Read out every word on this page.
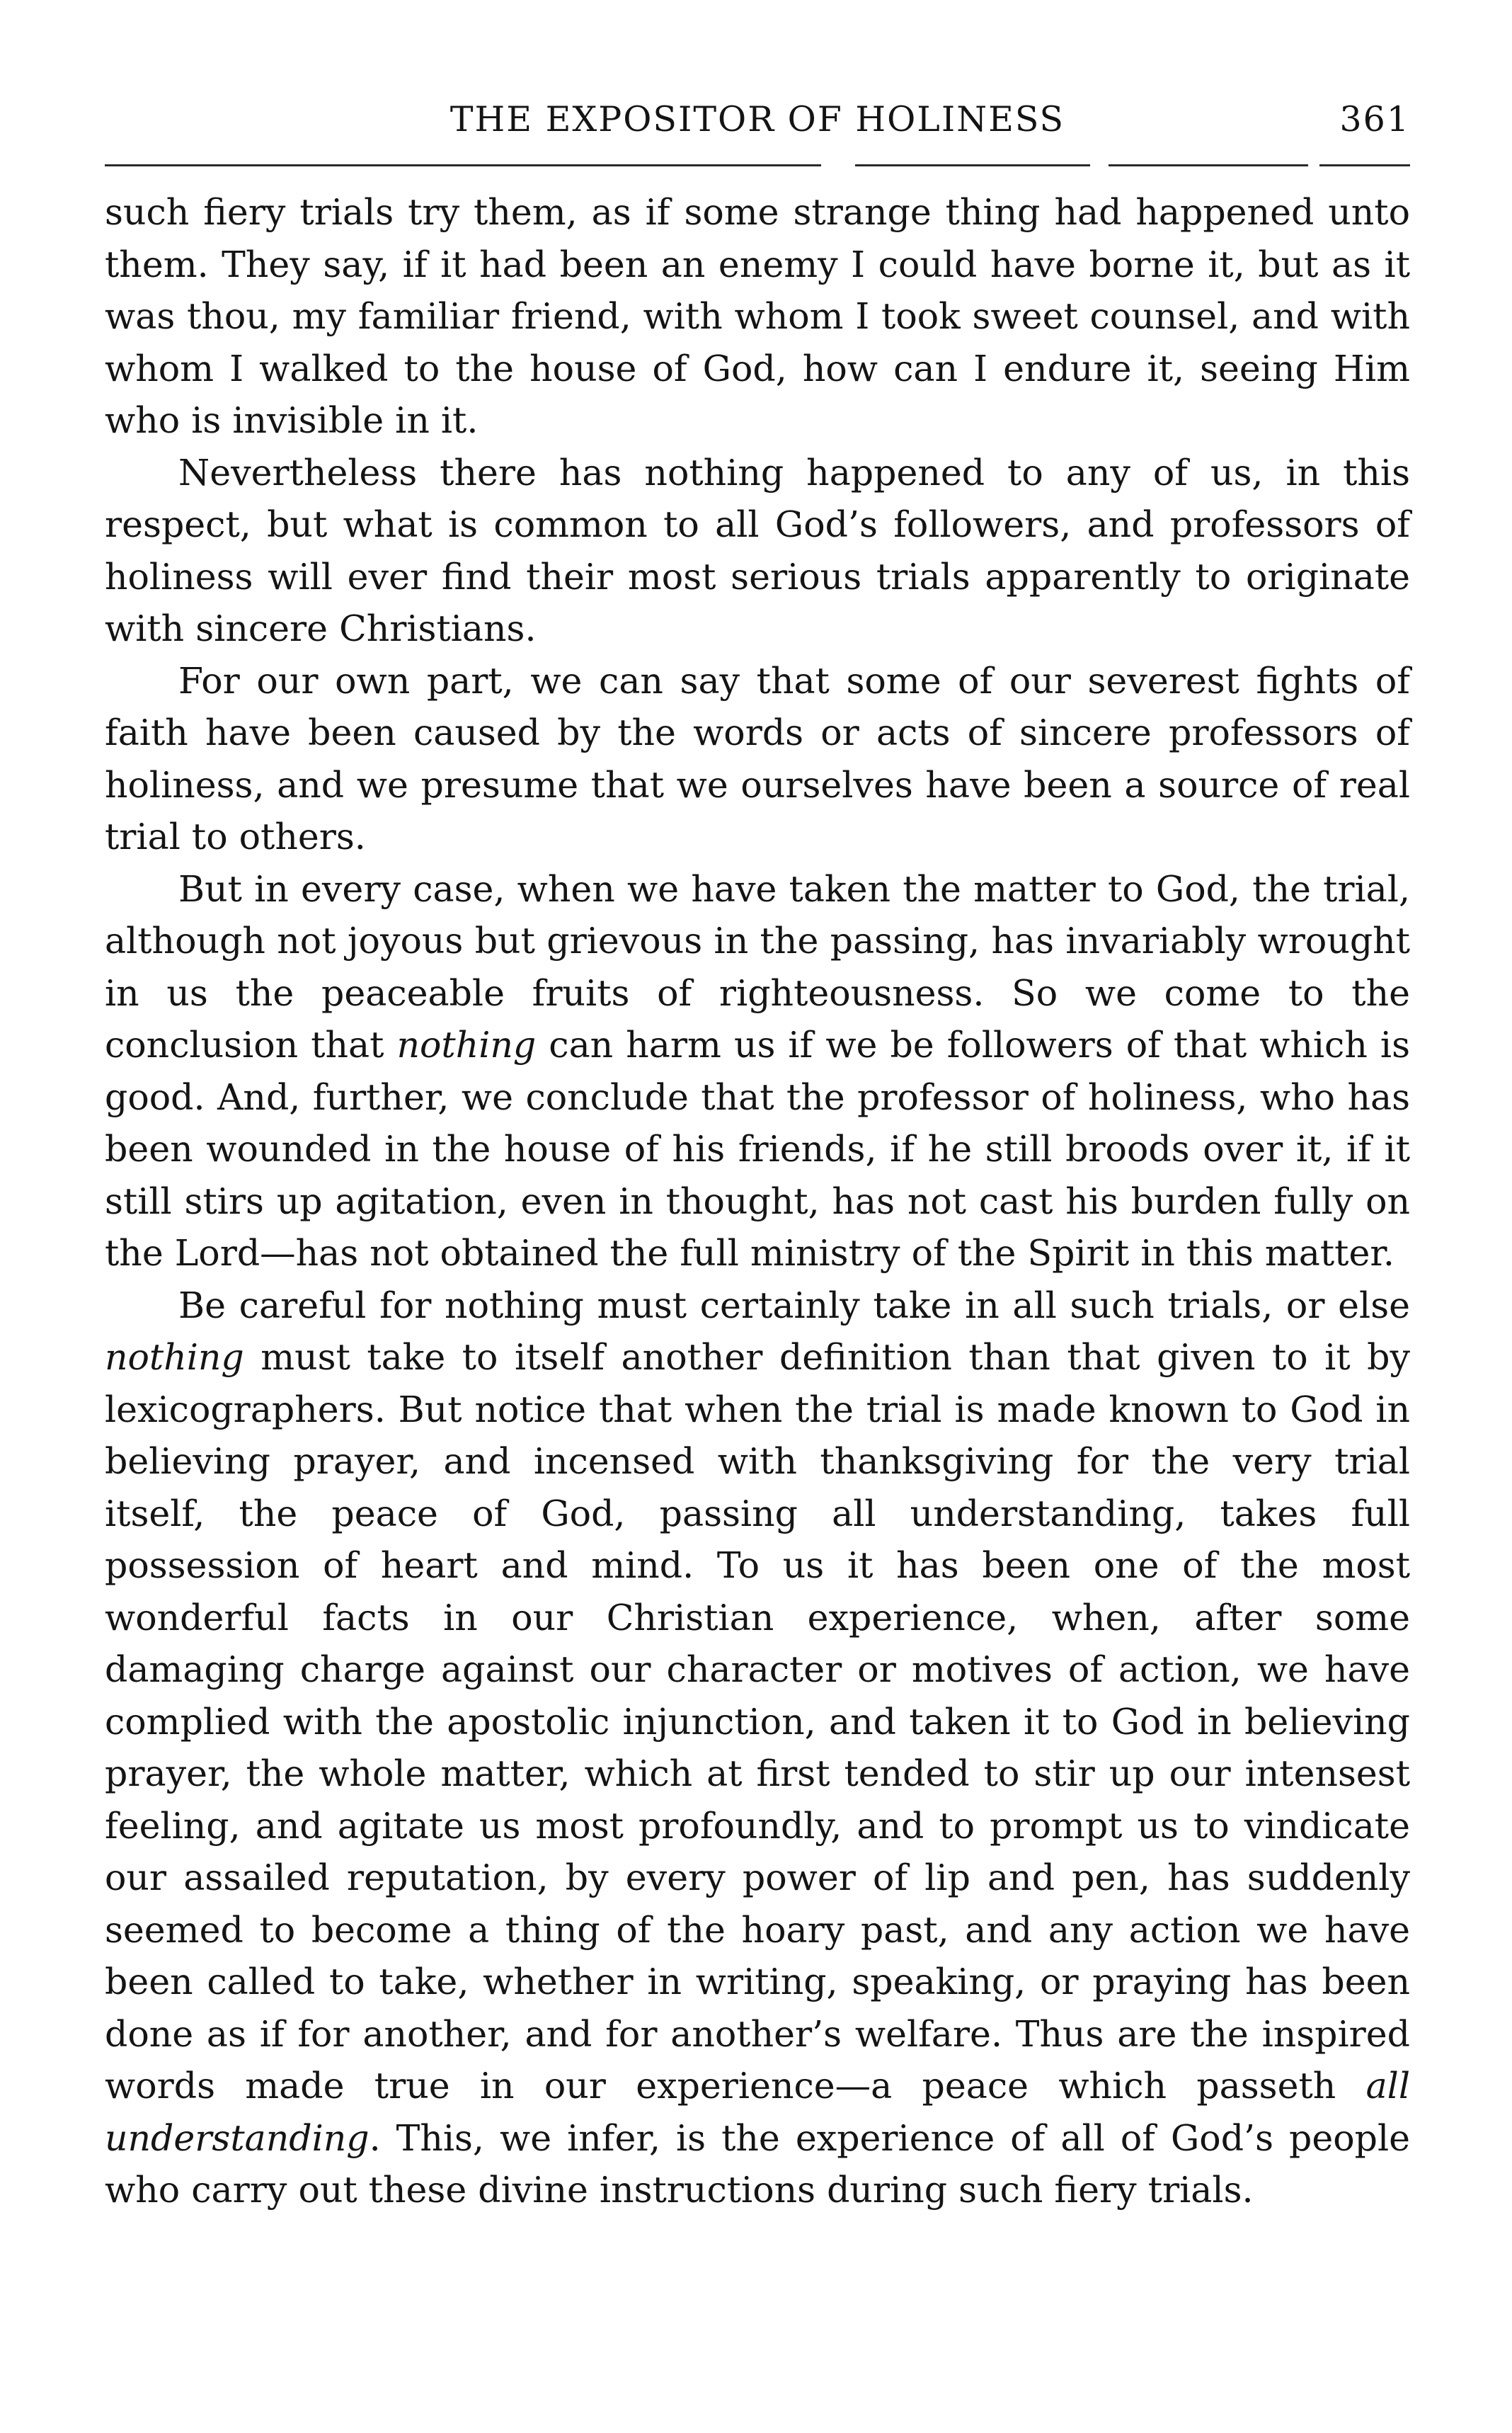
THE EXPOSITOR OF HOLINESS	361

such fiery trials try them, as if some strange thing had happened unto them. They say, if it had been an enemy I could have borne it, but as it was thou, my familiar friend, with whom I took sweet counsel, and with whom I walked to the house of God, how can I endure it, seeing Him who is invisible in it.

Nevertheless there has nothing happened to any of us, in this respect, but what is common to all God’s followers, and professors of holiness will ever find their most serious trials apparently to originate with sincere Christians.

For our own part, we can say that some of our severest fights of faith have been caused by the words or acts of sincere professors of holiness, and we presume that we ourselves have been a source of real trial to others.

But in every case, when we have taken the matter to God, the trial, although not joyous but grievous in the passing, has invariably wrought in us the peaceable fruits of righteousness. So we come to the conclusion that nothing can harm us if we be followers of that which is good. And, further, we conclude that the professor of holiness, who has been wounded in the house of his friends, if he still broods over it, if it still stirs up agitation, even in thought, has not cast his burden fully on the Lord—has not obtained the full ministry of the Spirit in this matter.

Be careful for nothing must certainly take in all such trials, or else nothing must take to itself another definition than that given to it by lexicographers. But notice that when the trial is made known to God in believing prayer, and incensed with thanksgiving for the very trial itself, the peace of God, passing all understanding, takes full possession of heart and mind. To us it has been one of the most wonderful facts in our Christian experience, when, after some damaging charge against our character or motives of action, we have complied with the apostolic injunction, and taken it to God in believing prayer, the whole matter, which at first tended to stir up our intensest feeling, and agitate us most profoundly, and to prompt us to vindicate our assailed reputation, by every power of lip and pen, has suddenly seemed to become a thing of the hoary past, and any action we have been called to take, whether in writing, speaking, or praying has been done as if for another, and for another’s welfare. Thus are the inspired words made true in our experience—a peace which passeth all understanding. This, we infer, is the experience of all of God’s people who carry out these divine instructions during such fiery trials.
